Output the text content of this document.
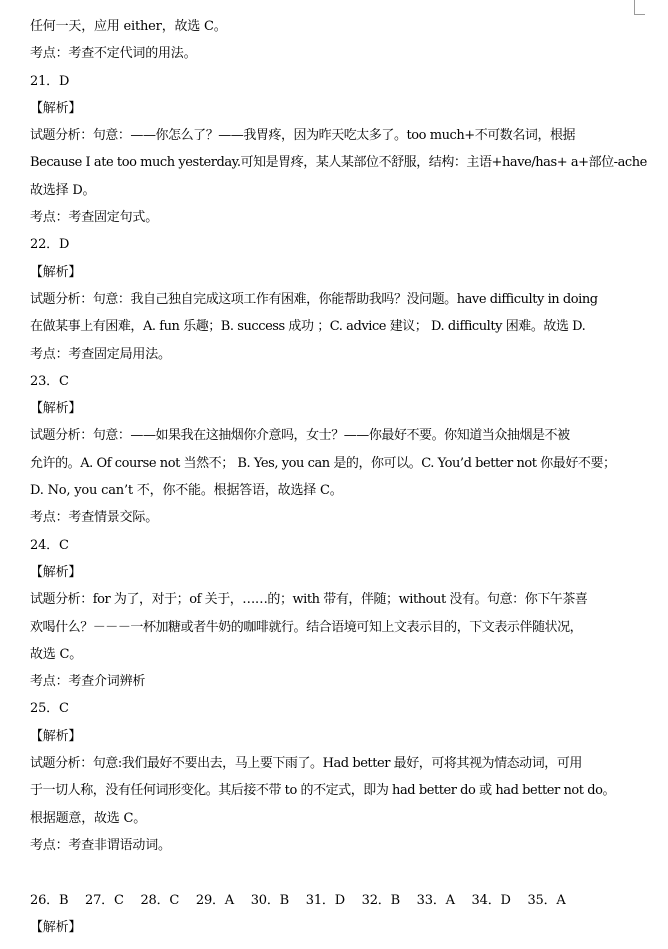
任何一天，应用 either，故选 C。
考点：考查不定代词的用法。
21．D
【解析】
试题分析：句意：——你怎么了？——我胃疼，因为昨天吃太多了。too much+不可数名词，根据
Because I ate too much yesterday.可知是胃疼，某人某部位不舒服，结构：主语+have/has+ a+部位-ache
故选择 D。
考点：考查固定句式。
22．D
【解析】
试题分析：句意：我自己独自完成这项工作有困难，你能帮助我吗？没问题。have difficulty in doing
在做某事上有困难，A. fun 乐趣；B. success 成功 ；C. advice 建议； D. difficulty 困难。故选 D.
考点：考查固定局用法。
23．C
【解析】
试题分析：句意：——如果我在这抽烟你介意吗，女士？——你最好不要。你知道当众抽烟是不被
允许的。A. Of course not 当然不； B. Yes, you can 是的，你可以。C. You’d better not 你最好不要；
D. No, you can’t 不，你不能。根据答语，故选择 C。
考点：考查情景交际。
24．C
【解析】
试题分析：for 为了，对于；of 关于，……的；with 带有，伴随；without 没有。句意：你下午茶喜
欢喝什么？－－－一杯加糖或者牛奶的咖啡就行。结合语境可知上文表示目的，下文表示伴随状况，
故选 C。
考点：考查介词辨析
25．C
【解析】
试题分析：句意:我们最好不要出去，马上要下雨了。Had better 最好，可将其视为情态动词，可用
于一切人称，没有任何词形变化。其后接不带 to 的不定式，即为 had better do 或 had better not do。
根据题意，故选 C。
考点：考查非谓语动词。
26．B　 27．C　 28．C　 29．A　 30．B　 31．D　 32．B　 33．A　 34．D　 35．A
【解析】
